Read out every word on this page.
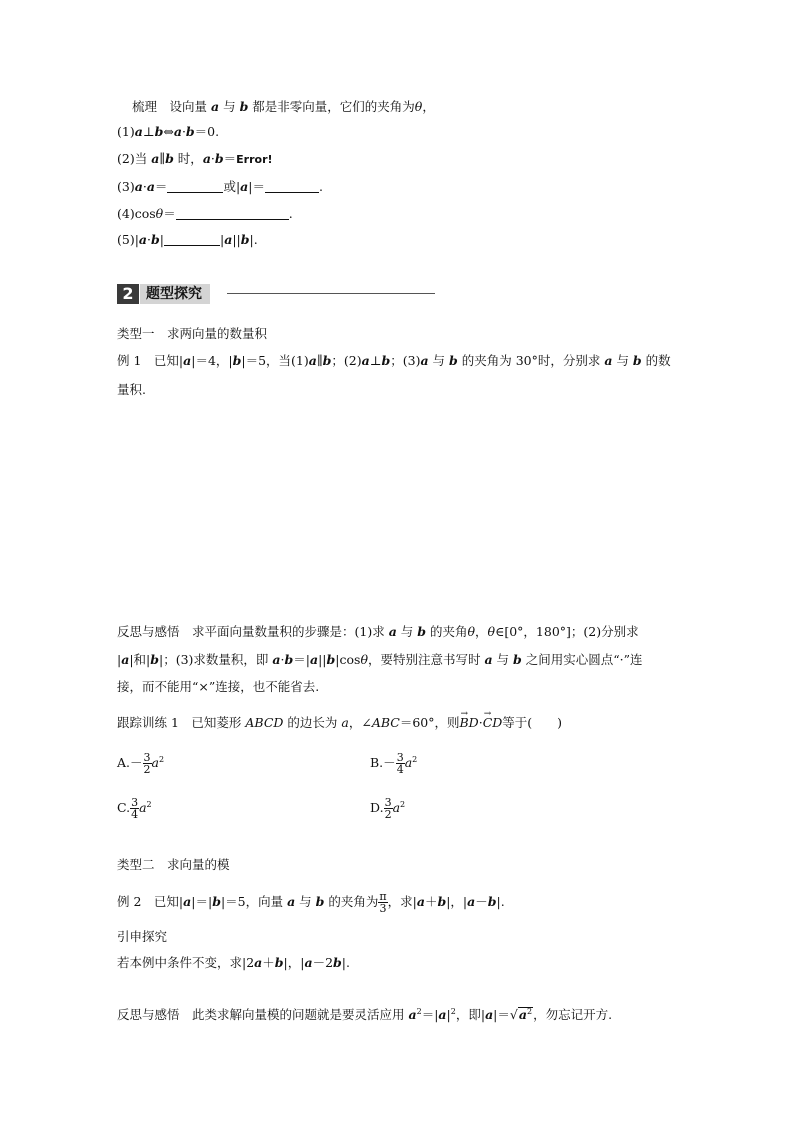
梳理　设向量 a 与 b 都是非零向量，它们的夹角为θ，
(1)a⊥b⇔a·b＝0.
(2)当 a∥b 时，a·b＝Error!
(3)a·a＝	或|a|＝	.
(4)cosθ＝	.
(5)|a·b|	|a||b|.
2 题型探究
类型一　求两向量的数量积
例 1　已知|a|＝4，|b|＝5，当(1)a∥b；(2)a⊥b；(3)a 与 b 的夹角为 30°时，分别求 a 与 b 的数
量积.
反思与感悟　求平面向量数量积的步骤是：(1)求 a 与 b 的夹角θ，θ∈[0°，180°]；(2)分别求
|a|和|b|；(3)求数量积，即 a·b＝|a||b|cosθ，要特别注意书写时 a 与 b 之间用实心圆点“·”连
接，而不能用“×”连接，也不能省去.
跟踪训练 1　已知菱形 ABCD 的边长为 a，∠ABC＝60°，则→ BD·→ CD等于(　　)
$A.- \frac{3}{2} a^2$	$B.- \frac{3}{4} a^2$
C. $\frac{3}{4} a^2$	D. $\frac{3}{2} a^2$
类型二　求向量的模
例 2　已知|a|＝|b|＝5，向量 a 与 b 的夹角为 $\frac{\pi}{3}$ ，求|a＋b|，|a－b|.
引申探究
若本例中条件不变，求|2a＋b|，|a－2b|.
反思与感悟　此类求解向量模的问题就是要灵活应用 $a^2=|a|^2$，即$|a|=√a^2$，勿忘记开方.
